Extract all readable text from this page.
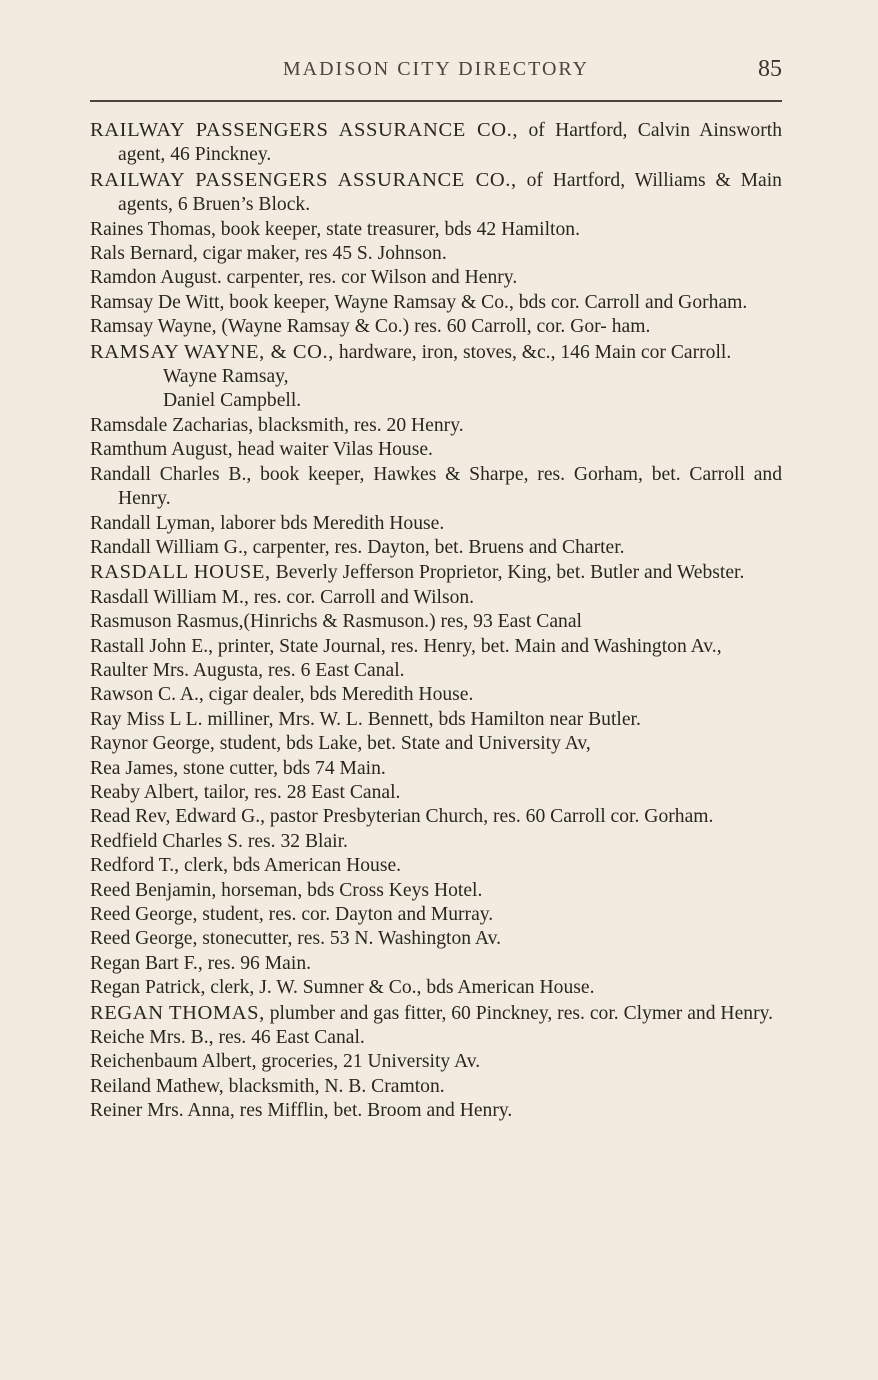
MADISON CITY DIRECTORY	85

RAILWAY PASSENGERS ASSURANCE CO., of Hartford, Calvin Ainsworth agent, 46 Pinckney.

RAILWAY PASSENGERS ASSURANCE CO., of Hartford, Williams & Main agents, 6 Bruen’s Block.

Raines Thomas, book keeper, state treasurer, bds 42 Hamilton.

Rals Bernard, cigar maker, res 45 S. Johnson.

Ramdon August. carpenter, res. cor Wilson and Henry.

Ramsay De Witt, book keeper, Wayne Ramsay & Co., bds cor. Carroll and Gorham.

Ramsay Wayne, (Wayne Ramsay & Co.) res. 60 Carroll, cor. Gor- ham.

RAMSAY WAYNE, & CO., hardware, iron, stoves, &c., 146 Main cor Carroll.

Wayne Ramsay,

Daniel Campbell.

Ramsdale Zacharias, blacksmith, res. 20 Henry.

Ramthum August, head waiter Vilas House.

Randall Charles B., book keeper, Hawkes & Sharpe, res. Gorham, bet. Carroll and Henry.

Randall Lyman, laborer bds Meredith House.

Randall William G., carpenter, res. Dayton, bet. Bruens and Charter.

RASDALL HOUSE, Beverly Jefferson Proprietor, King, bet. Butler and Webster.

Rasdall William M., res. cor. Carroll and Wilson.

Rasmuson Rasmus,(Hinrichs & Rasmuson.) res, 93 East Canal

Rastall John E., printer, State Journal, res. Henry, bet. Main and Washington Av.,

Raulter Mrs. Augusta, res. 6 East Canal.

Rawson C. A., cigar dealer, bds Meredith House.

Ray Miss L L. milliner, Mrs. W. L. Bennett, bds Hamilton near Butler.

Raynor George, student, bds Lake, bet. State and University Av,

Rea James, stone cutter, bds 74 Main.

Reaby Albert, tailor, res. 28 East Canal.

Read Rev, Edward G., pastor Presbyterian Church, res. 60 Carroll cor. Gorham.

Redfield Charles S. res. 32 Blair.

Redford T., clerk, bds American House.

Reed Benjamin, horseman, bds Cross Keys Hotel.

Reed George, student, res. cor. Dayton and Murray.

Reed George, stonecutter, res. 53 N. Washington Av.

Regan Bart F., res. 96 Main.

Regan Patrick, clerk, J. W. Sumner & Co., bds American House.

REGAN THOMAS, plumber and gas fitter, 60 Pinckney, res. cor. Clymer and Henry.

Reiche Mrs. B., res. 46 East Canal.

Reichenbaum Albert, groceries, 21 University Av.

Reiland Mathew, blacksmith, N. B. Cramton.

Reiner Mrs. Anna, res Mifflin, bet. Broom and Henry.
